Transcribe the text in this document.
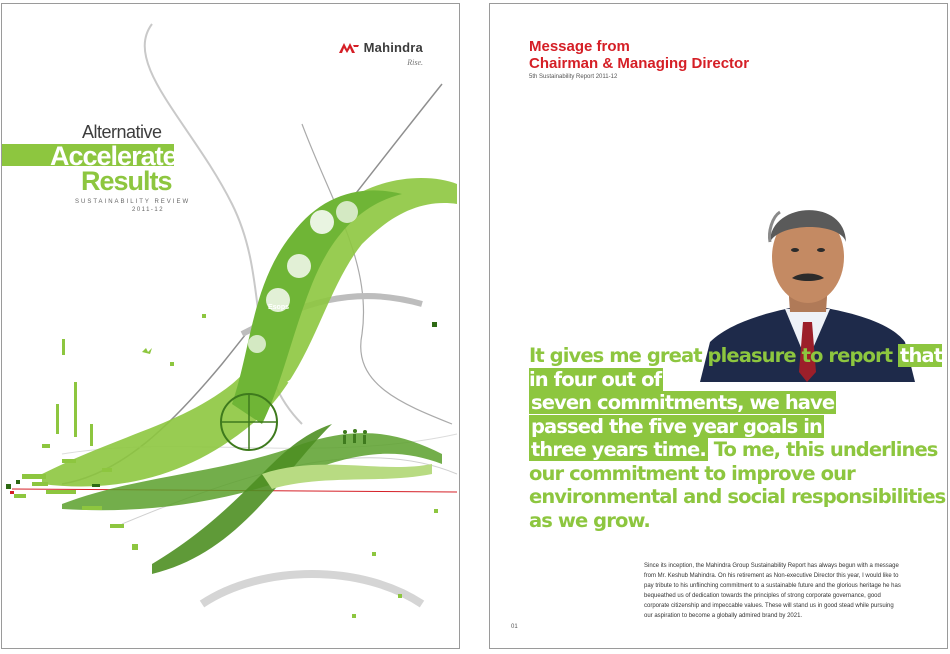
Mahindra
Rise.
Alternative
Accelerates
Results
SUSTAINABILITY REVIEW
2011-12
Esops
Message from
Chairman & Managing Director
5th Sustainability Report 2011-12
It gives me great pleasure to report that in four out of
seven commitments, we have
passed the five year goals in
three years time. To me, this underlines our commitment to improve our environmental and social responsibilities as we grow.
Since its inception, the Mahindra Group Sustainability Report has always begun with a message from Mr. Keshub Mahindra. On his retirement as Non-executive Director this year, I would like to pay tribute to his unflinching commitment to a sustainable future and the glorious heritage he has bequeathed us of dedication towards the principles of strong corporate governance, good corporate citizenship and impeccable values. These will stand us in good stead while pursuing our aspiration to become a globally admired brand by 2021.
01
